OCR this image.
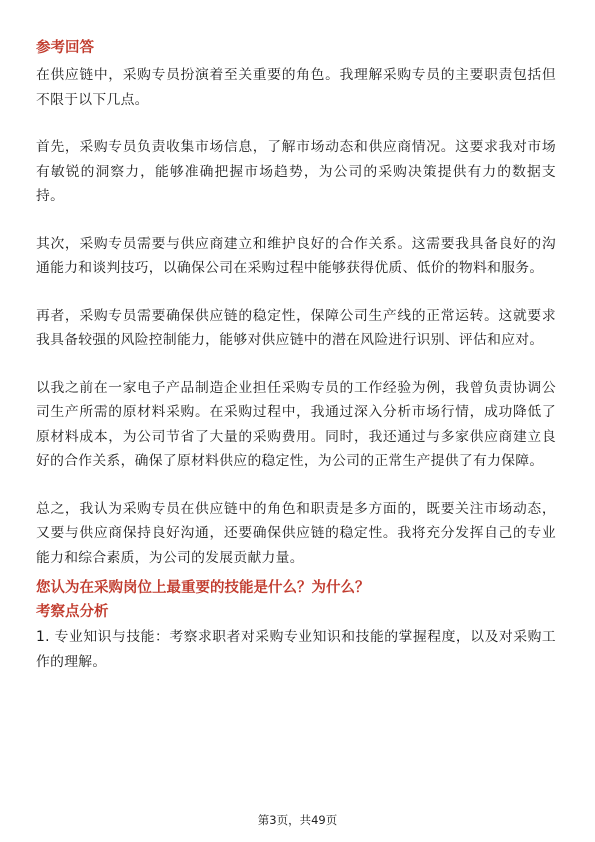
参考回答

在供应链中，采购专员扮演着至关重要的角色。我理解采购专员的主要职责包括但不限于以下几点。

首先，采购专员负责收集市场信息，了解市场动态和供应商情况。这要求我对市场有敏锐的洞察力，能够准确把握市场趋势，为公司的采购决策提供有力的数据支持。

其次，采购专员需要与供应商建立和维护良好的合作关系。这需要我具备良好的沟通能力和谈判技巧，以确保公司在采购过程中能够获得优质、低价的物料和服务。

再者，采购专员需要确保供应链的稳定性，保障公司生产线的正常运转。这就要求我具备较强的风险控制能力，能够对供应链中的潜在风险进行识别、评估和应对。

以我之前在一家电子产品制造企业担任采购专员的工作经验为例，我曾负责协调公司生产所需的原材料采购。在采购过程中，我通过深入分析市场行情，成功降低了原材料成本，为公司节省了大量的采购费用。同时，我还通过与多家供应商建立良好的合作关系，确保了原材料供应的稳定性，为公司的正常生产提供了有力保障。

总之，我认为采购专员在供应链中的角色和职责是多方面的，既要关注市场动态，又要与供应商保持良好沟通，还要确保供应链的稳定性。我将充分发挥自己的专业能力和综合素质，为公司的发展贡献力量。

您认为在采购岗位上最重要的技能是什么？为什么？

考察点分析

1. 专业知识与技能：考察求职者对采购专业知识和技能的掌握程度，以及对采购工作的理解。

第3页，共49页
